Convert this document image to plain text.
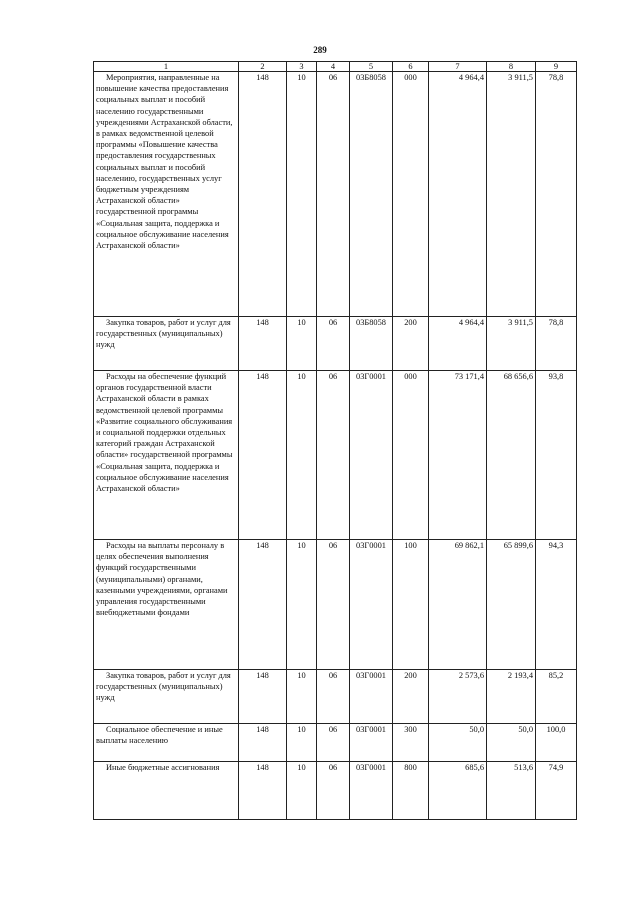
289
1	2	3	4	5	6	7	8	9
Мероприятия, направленные на повышение качества предоставления социальных выплат и пособий населению государственными учреждениями Астраханской области, в рамках ведомственной целевой программы «Повышение качества предоставления государственных социальных выплат и пособий населению, государственных услуг бюджетным учреждениям Астраханской области» государственной программы «Социальная защита, поддержка и социальное обслуживание населения Астраханской области»	148	10	06	03Б8058	000	4 964,4	3 911,5	78,8
Закупка товаров, работ и услуг для государственных (муниципальных) нужд	148	10	06	03Б8058	200	4 964,4	3 911,5	78,8
Расходы на обеспечение функций органов государственной власти Астраханской области в рамках ведомственной целевой программы «Развитие социального обслуживания и социальной поддержки отдельных категорий граждан Астраханской области» государственной программы «Социальная защита, поддержка и социальное обслуживание населения Астраханской области»	148	10	06	03Г0001	000	73 171,4	68 656,6	93,8
Расходы на выплаты персоналу в целях обеспечения выполнения функций государственными (муниципальными) органами, казенными учреждениями, органами управления государственными внебюджетными фондами	148	10	06	03Г0001	100	69 862,1	65 899,6	94,3
Закупка товаров, работ и услуг для государственных (муниципальных) нужд	148	10	06	03Г0001	200	2 573,6	2 193,4	85,2
Социальное обеспечение и иные выплаты населению	148	10	06	03Г0001	300	50,0	50,0	100,0
Иные бюджетные ассигнования	148	10	06	03Г0001	800	685,6	513,6	74,9
